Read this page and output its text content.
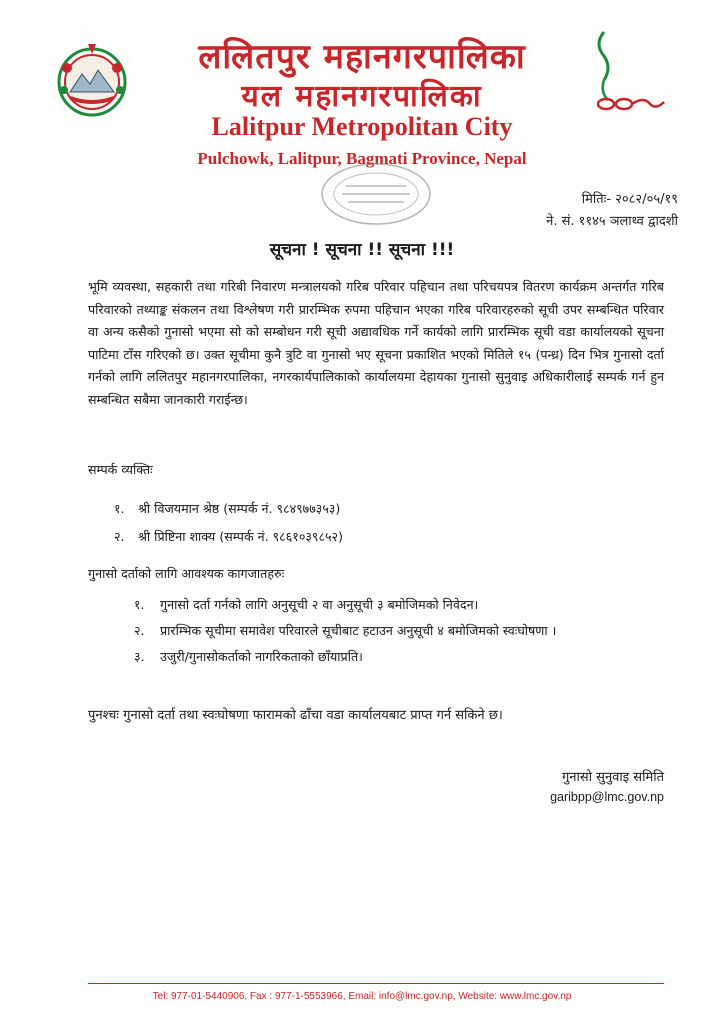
ललितपुर महानगरपालिका
यल महानगरपालिका
Lalitpur Metropolitan City
Pulchowk, Lalitpur, Bagmati Province, Nepal
मितिः- २०८२/०५/१९
ने. सं. ११४५ ञलाथ्व द्वादशी
सूचना ! सूचना !! सूचना !!!
भूमि व्यवस्था, सहकारी तथा गरिबी निवारण मन्त्रालयको गरिब परिवार पहिचान तथा परिचयपत्र वितरण कार्यक्रम अन्तर्गत गरिब परिवारको तथ्याङ्क संकलन तथा विश्लेषण गरी प्रारम्भिक रुपमा पहिचान भएका गरिब परिवारहरुको सूची उपर सम्बन्धित परिवार वा अन्य कसैको गुनासो भएमा सो को सम्बोधन गरी सूची अद्यावधिक गर्ने कार्यको लागि प्रारम्भिक सूची वडा कार्यालयको सूचना पाटिमा टाँस गरिएको छ। उक्त सूचीमा कुनै त्रुटि वा गुनासो भए सूचना प्रकाशित भएको मितिले १५ (पन्ध्र) दिन भित्र गुनासो दर्ता गर्नको लागि ललितपुर महानगरपालिका, नगरकार्यपालिकाको कार्यालयमा देहायका गुनासो सुनुवाइ अधिकारीलाई सम्पर्क गर्न हुन सम्बन्धित सबैमा जानकारी गराईन्छ।
सम्पर्क व्यक्तिः
१.	श्री विजयमान श्रेष्ठ (सम्पर्क नं. ९८४९७७३५३)
२.	श्री प्रिष्टिना शाक्य (सम्पर्क नं. ९८६१०३९८५२)
गुनासो दर्ताको लागि आवश्यक कागजातहरुः
१.	गुनासो दर्ता गर्नको लागि अनुसूची २ वा अनुसूची ३ बमोजिमको निवेदन।
२.	प्रारम्भिक सूचीमा समावेश परिवारले सूचीबाट हटाउन अनुसूची ४ बमोजिमको स्वःघोषणा ।
३.	उजुरी/गुनासोकर्ताको नागरिकताको छाँयाप्रति।
पुनश्चः गुनासो दर्ता तथा स्वःघोषणा फारामको ढाँचा वडा कार्यालयबाट प्राप्त गर्न सकिने छ।
गुनासो सुनुवाइ समिति
garibpp@lmc.gov.np
Tel: 977-01-5440906, Fax : 977-1-5553966, Email: info@lmc.gov.np, Website: www.lmc.gov.np
